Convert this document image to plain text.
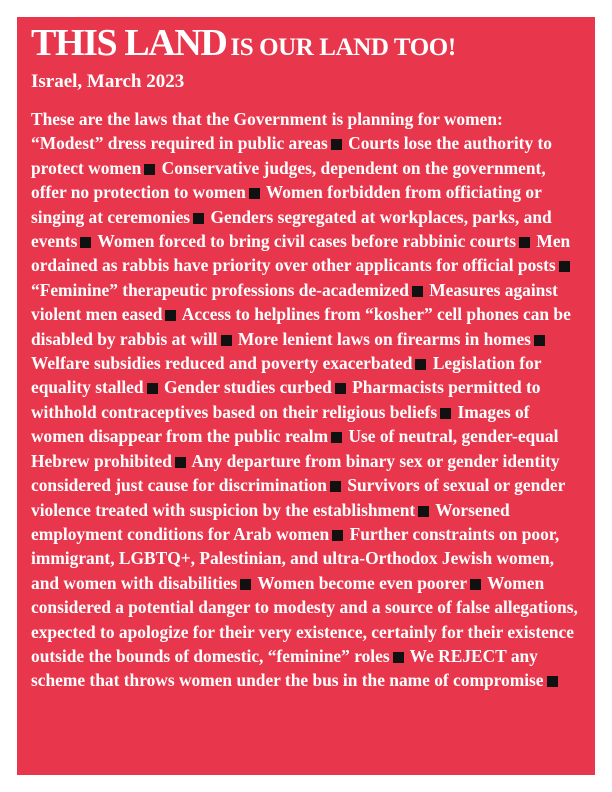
THIS LAND IS OUR LAND TOO!
Israel, March 2023

These are the laws that the Government is planning for women:
“Modest” dress required in public areas Courts lose the authority to protect women Conservative judges, dependent on the government, offer no protection to women Women forbidden from officiating or singing at ceremonies Genders segregated at workplaces, parks, and events Women forced to bring civil cases before rabbinic courts Men ordained as rabbis have priority over other applicants for official posts “Feminine” therapeutic professions de-academized Measures against violent men eased Access to helplines from “kosher” cell phones can be disabled by rabbis at will More lenient laws on firearms in homes Welfare subsidies reduced and poverty exacerbated Legislation for equality stalled Gender studies curbed Pharmacists permitted to withhold contraceptives based on their religious beliefs Images of women disappear from the public realm Use of neutral, gender-equal Hebrew prohibited Any departure from binary sex or gender identity considered just cause for discrimination Survivors of sexual or gender violence treated with suspicion by the establishment Worsened employment conditions for Arab women Further constraints on poor, immigrant, LGBTQ+, Palestinian, and ultra-Orthodox Jewish women, and women with disabilities Women become even poorer Women considered a potential danger to modesty and a source of false allegations, expected to apologize for their very existence, certainly for their existence outside the bounds of domestic, “feminine” roles We REJECT any scheme that throws women under the bus in the name of compromise
